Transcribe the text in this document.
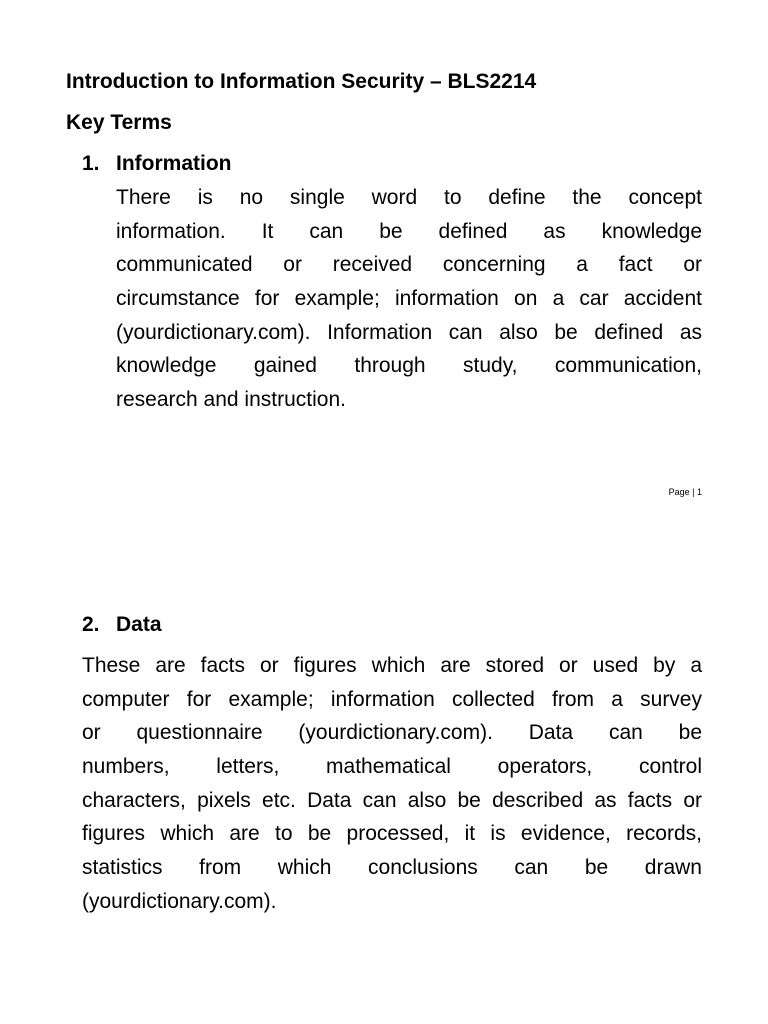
Introduction to Information Security – BLS2214
Key Terms
1. Information
There is no single word to define the concept
information. It can be defined as knowledge
communicated or received concerning a fact or
circumstance for example; information on a car accident
(yourdictionary.com). Information can also be defined as
knowledge gained through study, communication,
research and instruction.
Page | 1
2. Data
These are facts or figures which are stored or used by a
computer for example; information collected from a survey
or questionnaire (yourdictionary.com). Data can be
numbers, letters, mathematical operators, control
characters, pixels etc. Data can also be described as facts or
figures which are to be processed, it is evidence, records,
statistics from which conclusions can be drawn
(yourdictionary.com).
